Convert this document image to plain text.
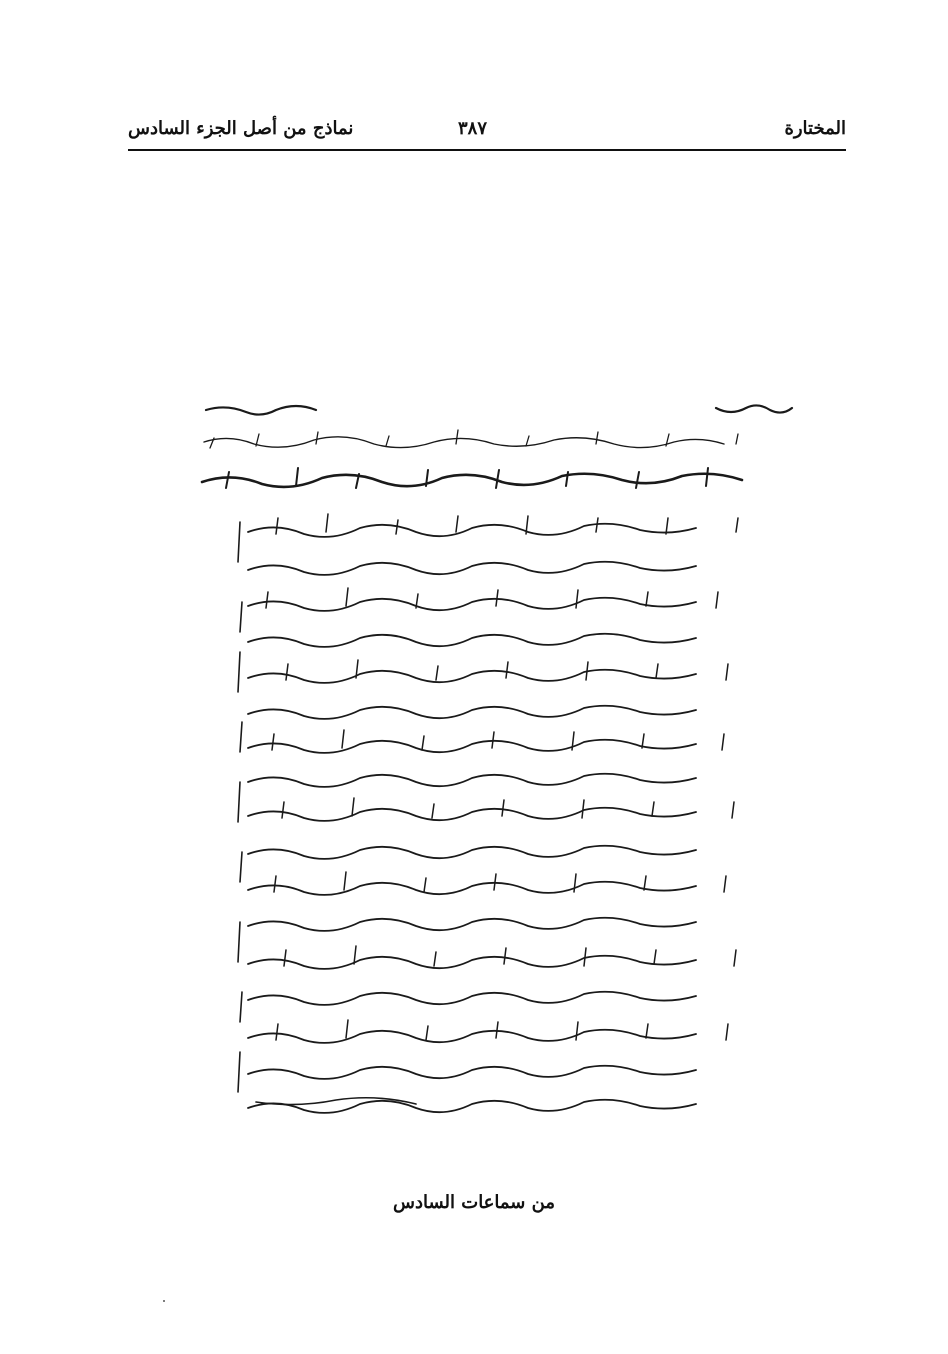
المختارة
٣٨٧
نماذج من أصل الجزء السادس
من سماعات السادس
